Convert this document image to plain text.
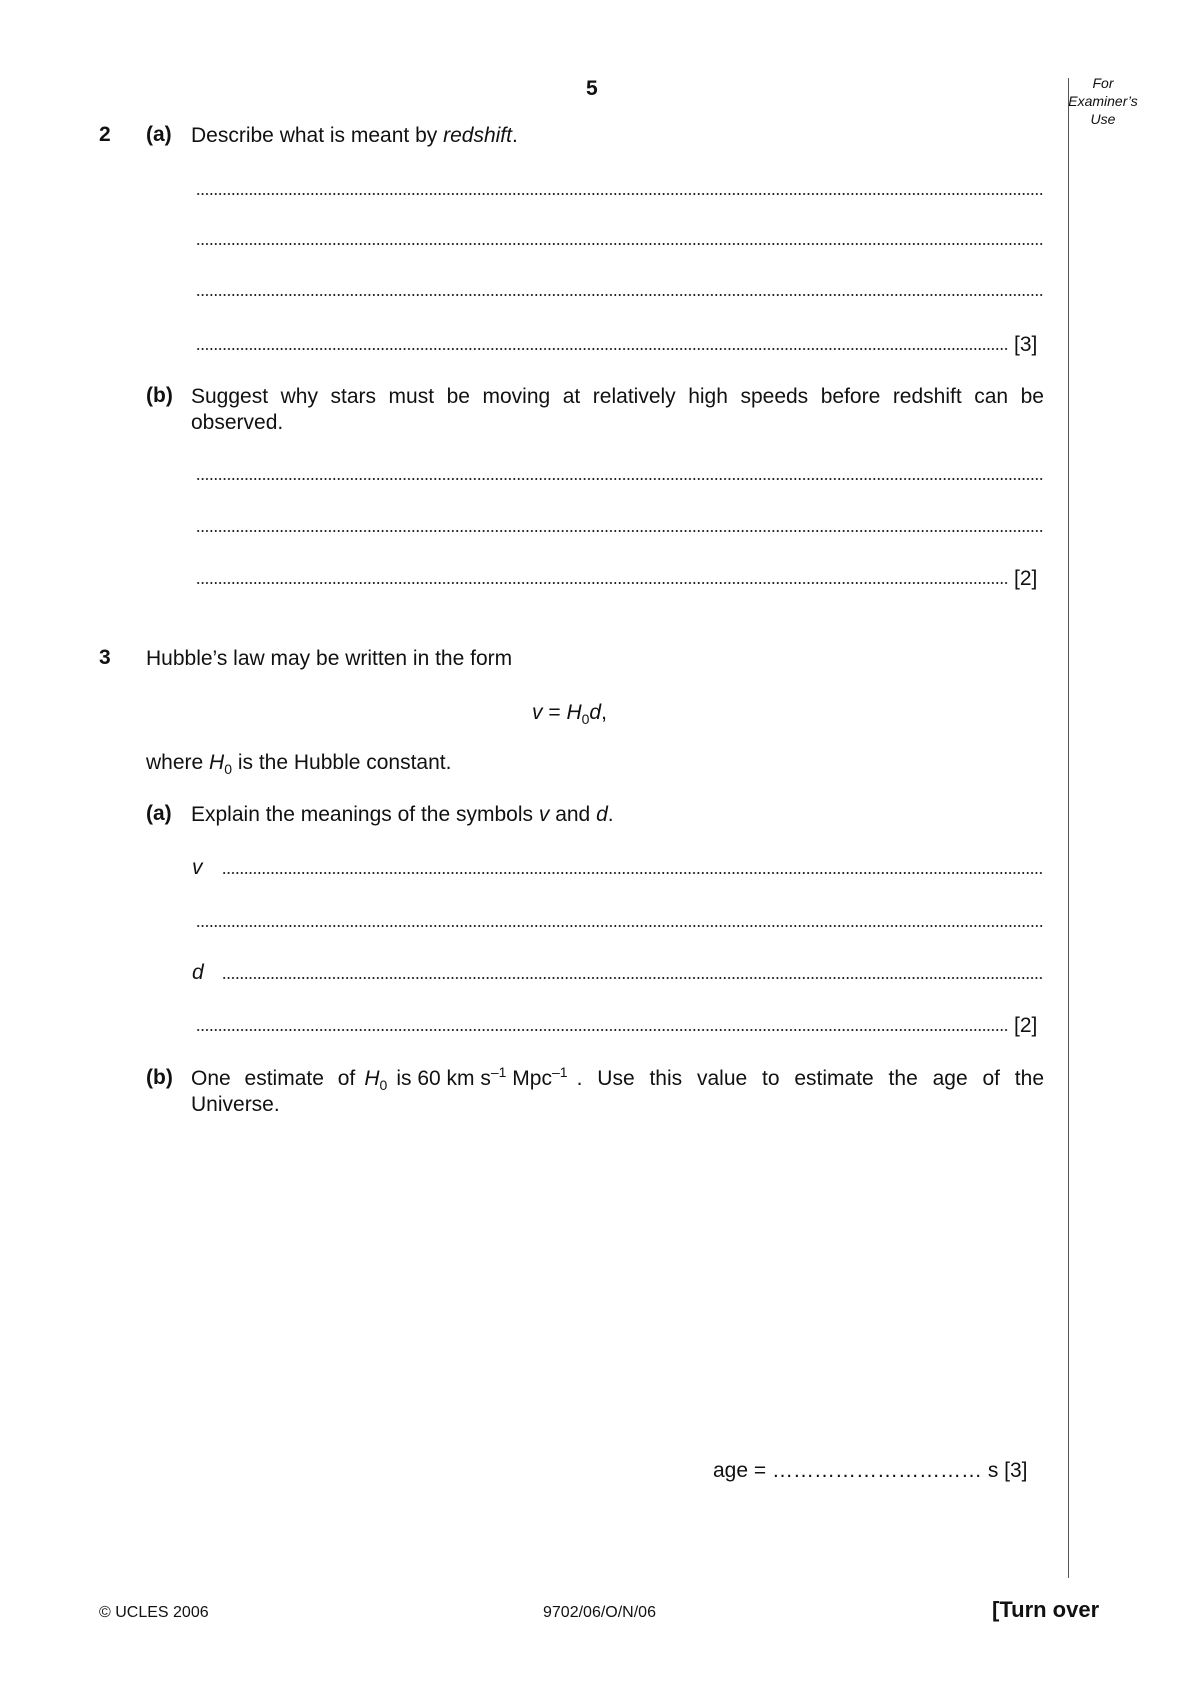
5	For
Examiner’s
Use
2 (a) Describe what is meant by redshift.
[3]
(b) Suggest why stars must be moving at relatively high speeds before redshift can be
observed.
[2]
3 Hubble’s law may be written in the form
$v = H_0d$,
where $H_0$ is the Hubble constant.
(a) Explain the meanings of the symbols v and d.
v
d
[2]
(b) One estimate of $H_0$ is 60 km $s^{-1}$ Mpc$^{-1}$ . Use this value to estimate the age of the
Universe.
age = ………………………… s [3]
© UCLES 2006	9702/06/O/N/06	[Turn over
